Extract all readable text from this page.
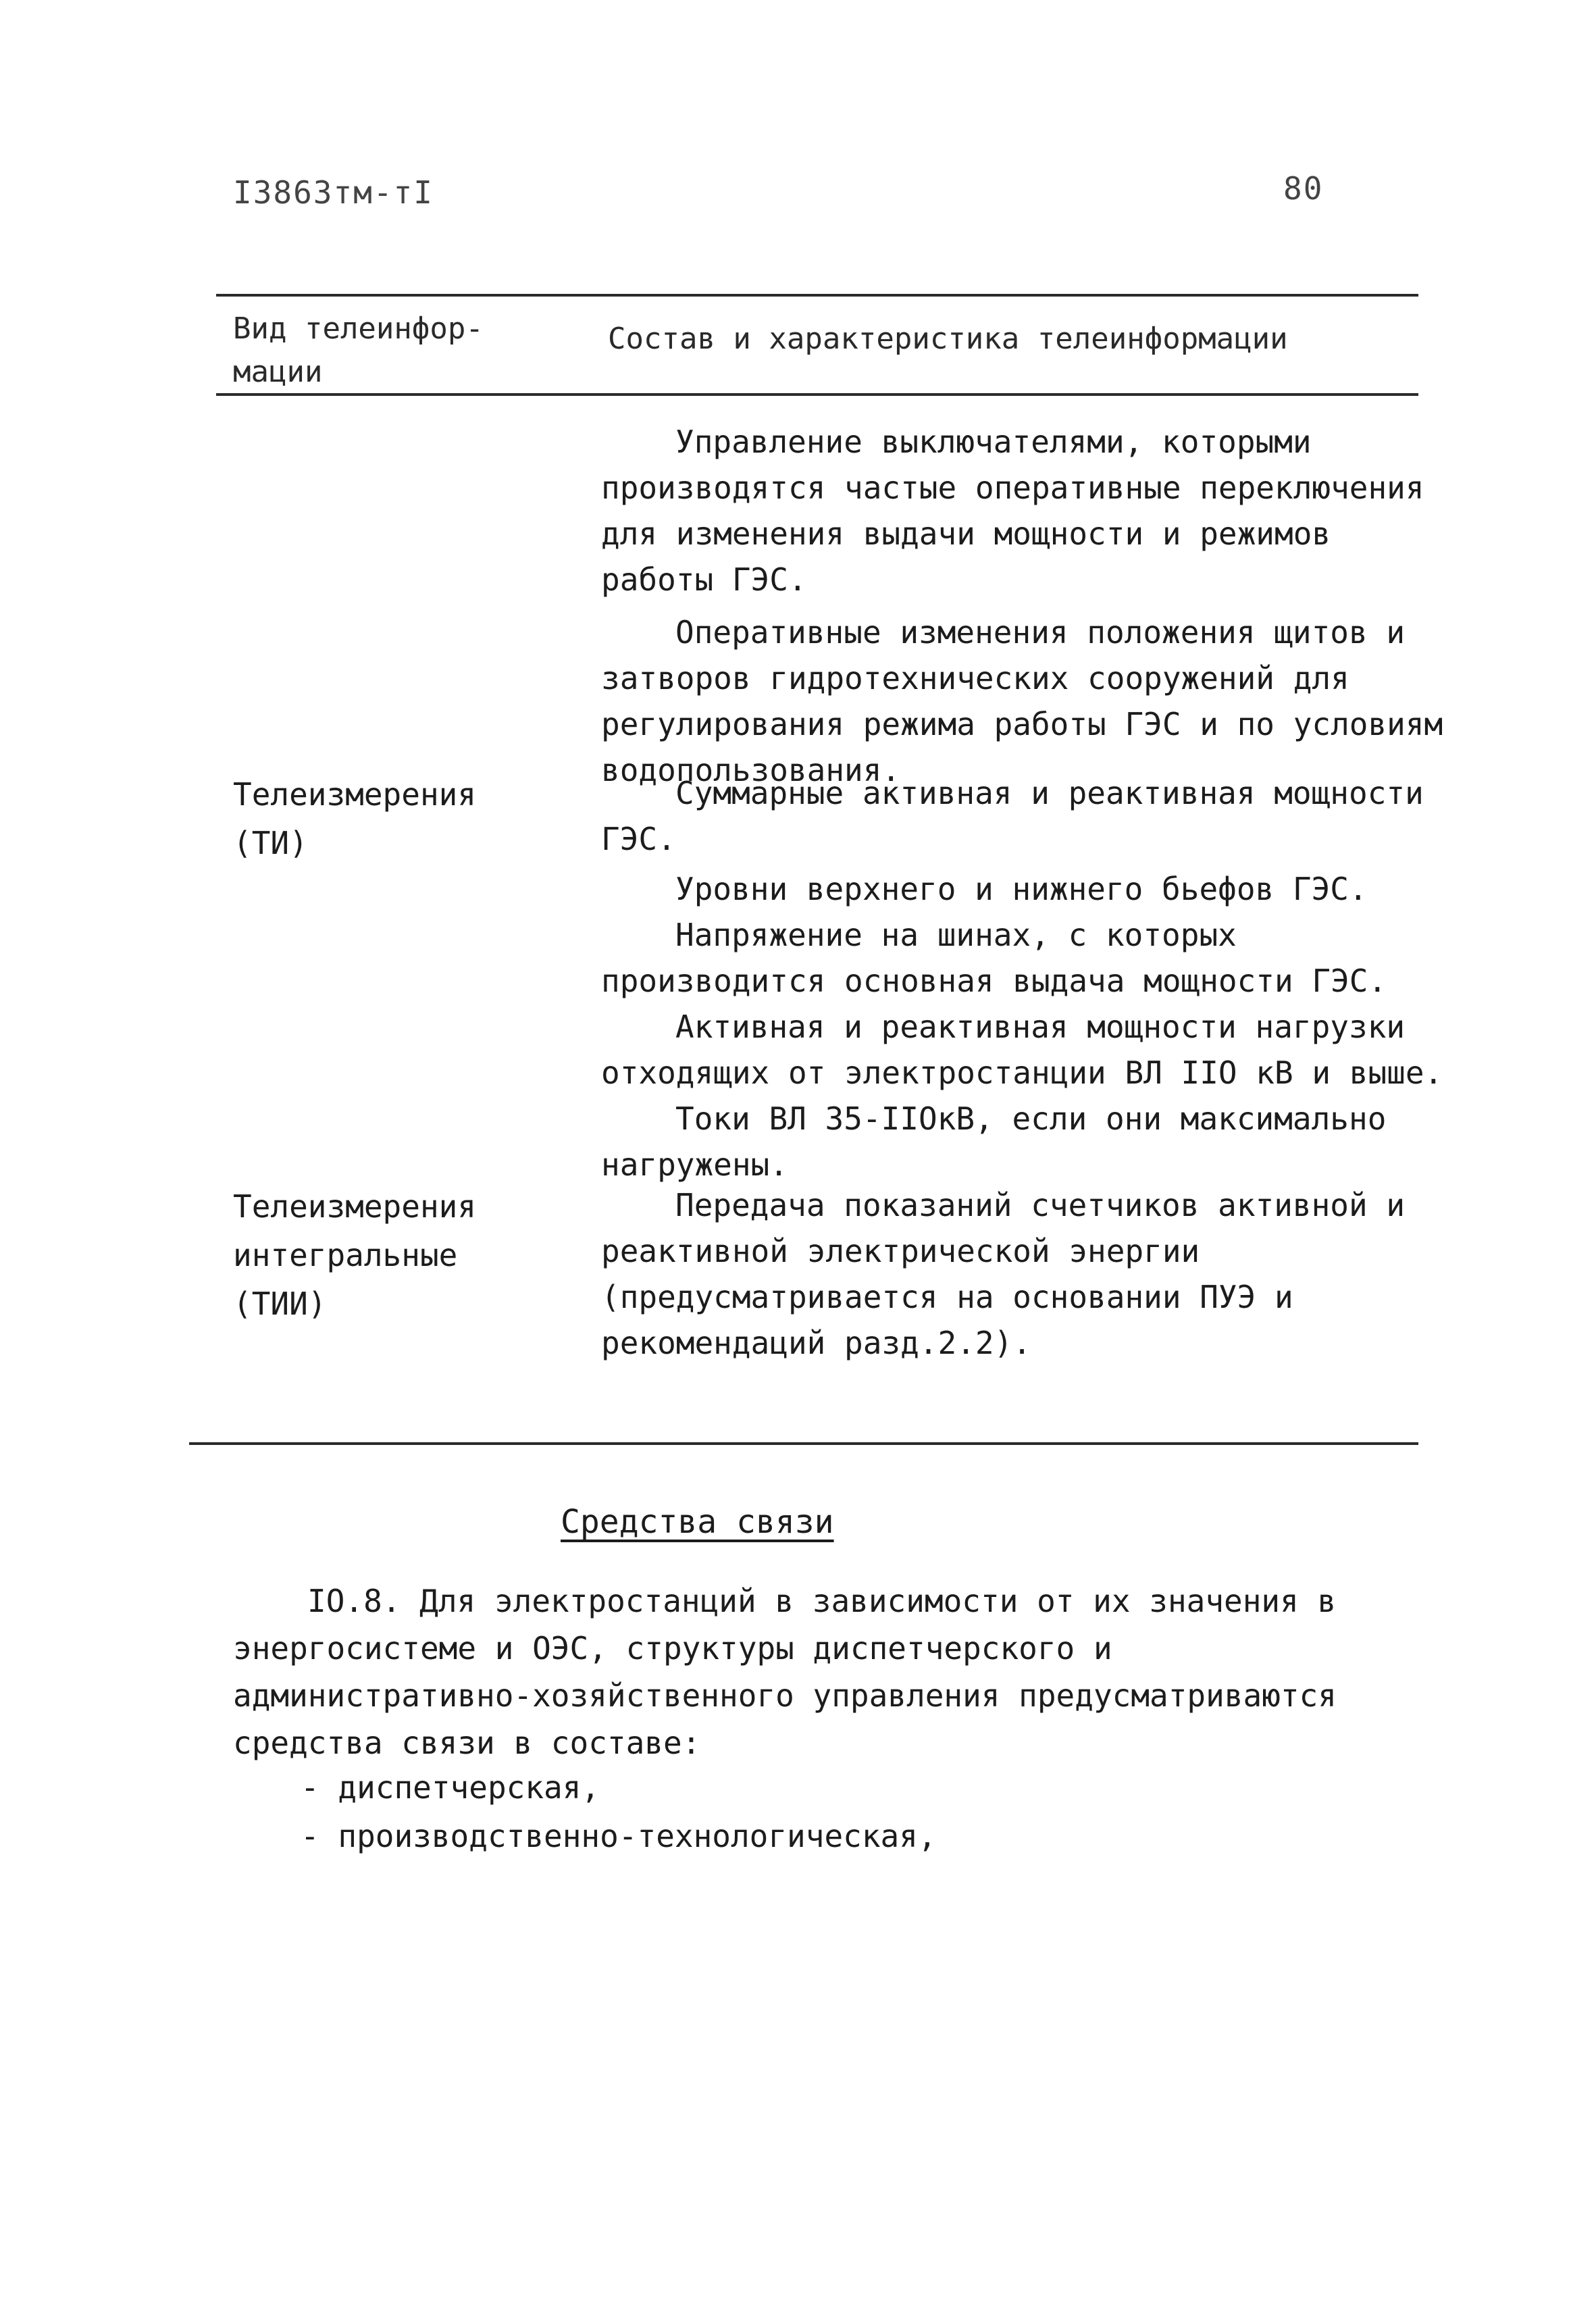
I3863тм-тI	80
Вид телеинфор-
мации
Состав и характеристика телеинформации

Управление выключателями, которыми производятся частые оперативные переключения для изменения выдачи мощности и режимов работы ГЭС.

Оперативные изменения положения щитов и затворов гидротехнических сооружений для регулирования режима работы ГЭС и по условиям водопользования.

Телеизмерения (ТИ)

Суммарные активная и реактивная мощности ГЭС.

Уровни верхнего и нижнего бьефов ГЭС.

Напряжение на шинах, с которых производится основная выдача мощности ГЭС.

Активная и реактивная мощности нагрузки отходящих от электростанции ВЛ IIO кВ и выше.

Токи ВЛ 35-IIOкВ, если они максимально нагружены.

Телеизмерения интегральные (ТИИ)

Передача показаний счетчиков активной и реактивной электрической энергии (предусматривается на основании ПУЭ и рекомендаций разд.2.2).

Средства связи

IO.8. Для электростанций в зависимости от их значения в энергосистеме и ОЭС, структуры диспетчерского и административно-хозяйственного управления предусматриваются средства связи в составе:

- диспетчерская,
- производственно-технологическая,
